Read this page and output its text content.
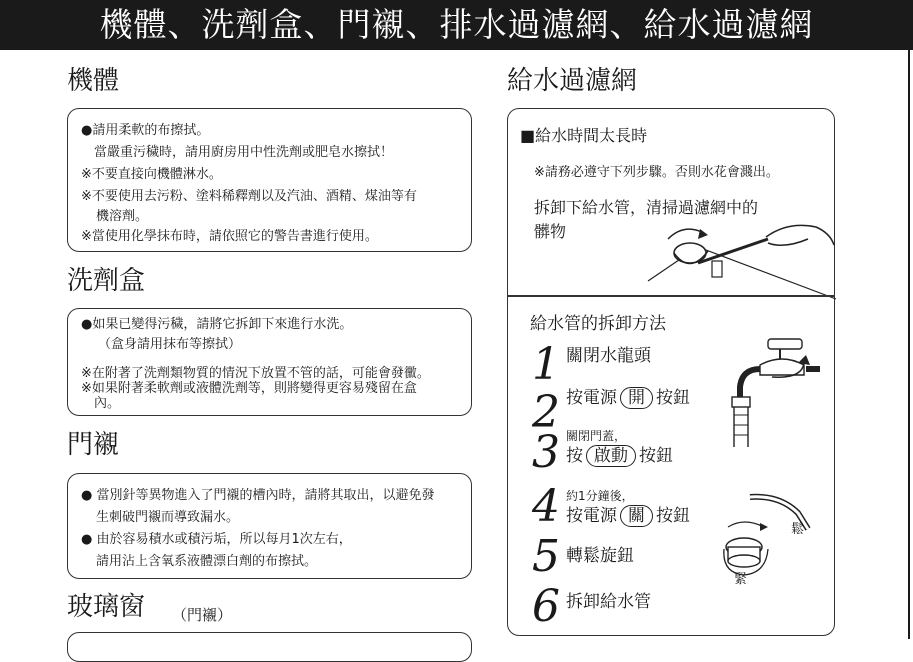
機體、洗劑盒、門襯、排水過濾網、給水過濾網
機體
●請用柔軟的布擦拭。
當嚴重污穢時，請用廚房用中性洗劑或肥皂水擦拭！
※不要直接向機體淋水。
※不要使用去污粉、塗料稀釋劑以及汽油、酒精、煤油等有
機溶劑。
※當使用化學抹布時，請依照它的警告書進行使用。
洗劑盒
●如果已變得污穢，請將它拆卸下來進行水洗。
（盒身請用抹布等擦拭）
※在附著了洗劑類物質的情況下放置不管的話，可能會發黴。
※如果附著柔軟劑或液體洗劑等，則將變得更容易殘留在盒
內。
門襯
● 當別針等異物進入了門襯的槽內時，請將其取出，以避免發
生刺破門襯而導致漏水。
● 由於容易積水或積污垢，所以每月1次左右，
請用沾上含氧系液體漂白劑的布擦拭。
玻璃窗 （門襯）
給水過濾網
■給水時間太長時
※請務必遵守下列步驟。否則水花會濺出。
拆卸下給水管，清掃過濾網中的
髒物
給水管的拆卸方法
1 關閉水龍頭
2 按電源 開 按鈕
3 關閉門蓋，
按 啟動 按鈕
4 約1分鐘後，
按電源 關 按鈕
5 轉鬆旋鈕
6 拆卸給水管
鬆
緊
